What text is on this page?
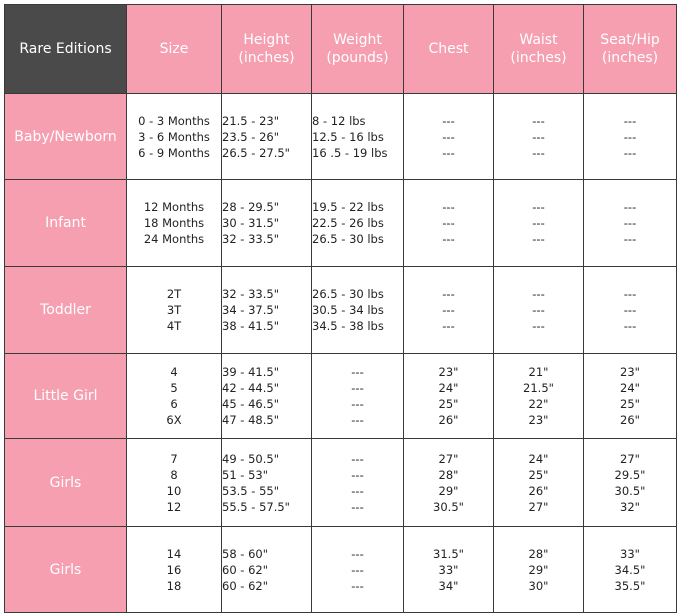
Rare Editions	Size	Height
(inches)	Weight
(pounds)	Chest	Waist
(inches)	Seat/Hip
(inches)

Baby/Newborn	0 - 3 Months
3 - 6 Months
6 - 9 Months	21.5 - 23"
23.5 - 26"
26.5 - 27.5"	8 - 12 lbs
12.5 - 16 lbs
16 .5 - 19 lbs	---
---
---	---
---
---	---
---
---

Infant	12 Months
18 Months
24 Months	28 - 29.5"
30 - 31.5"
32 - 33.5"	19.5 - 22 lbs
22.5 - 26 lbs
26.5 - 30 lbs	---
---
---	---
---
---	---
---
---

Toddler	2T
3T
4T	32 - 33.5"
34 - 37.5"
38 - 41.5"	26.5 - 30 lbs
30.5 - 34 lbs
34.5 - 38 lbs	---
---
---	---
---
---	---
---
---

Little Girl	4
5
6
6X	39 - 41.5"
42 - 44.5"
45 - 46.5"
47 - 48.5"	---
---
---
---	23"
24"
25"
26"	21"
21.5"
22"
23"	23"
24"
25"
26"

Girls	7
8
10
12	49 - 50.5"
51 - 53"
53.5 - 55"
55.5 - 57.5"	---
---
---
---	27"
28"
29"
30.5"	24"
25"
26"
27"	27"
29.5"
30.5"
32"

Girls	14
16
18	58 - 60"
60 - 62"
60 - 62"	---
---
---	31.5"
33"
34"	28"
29"
30"	33"
34.5"
35.5"
